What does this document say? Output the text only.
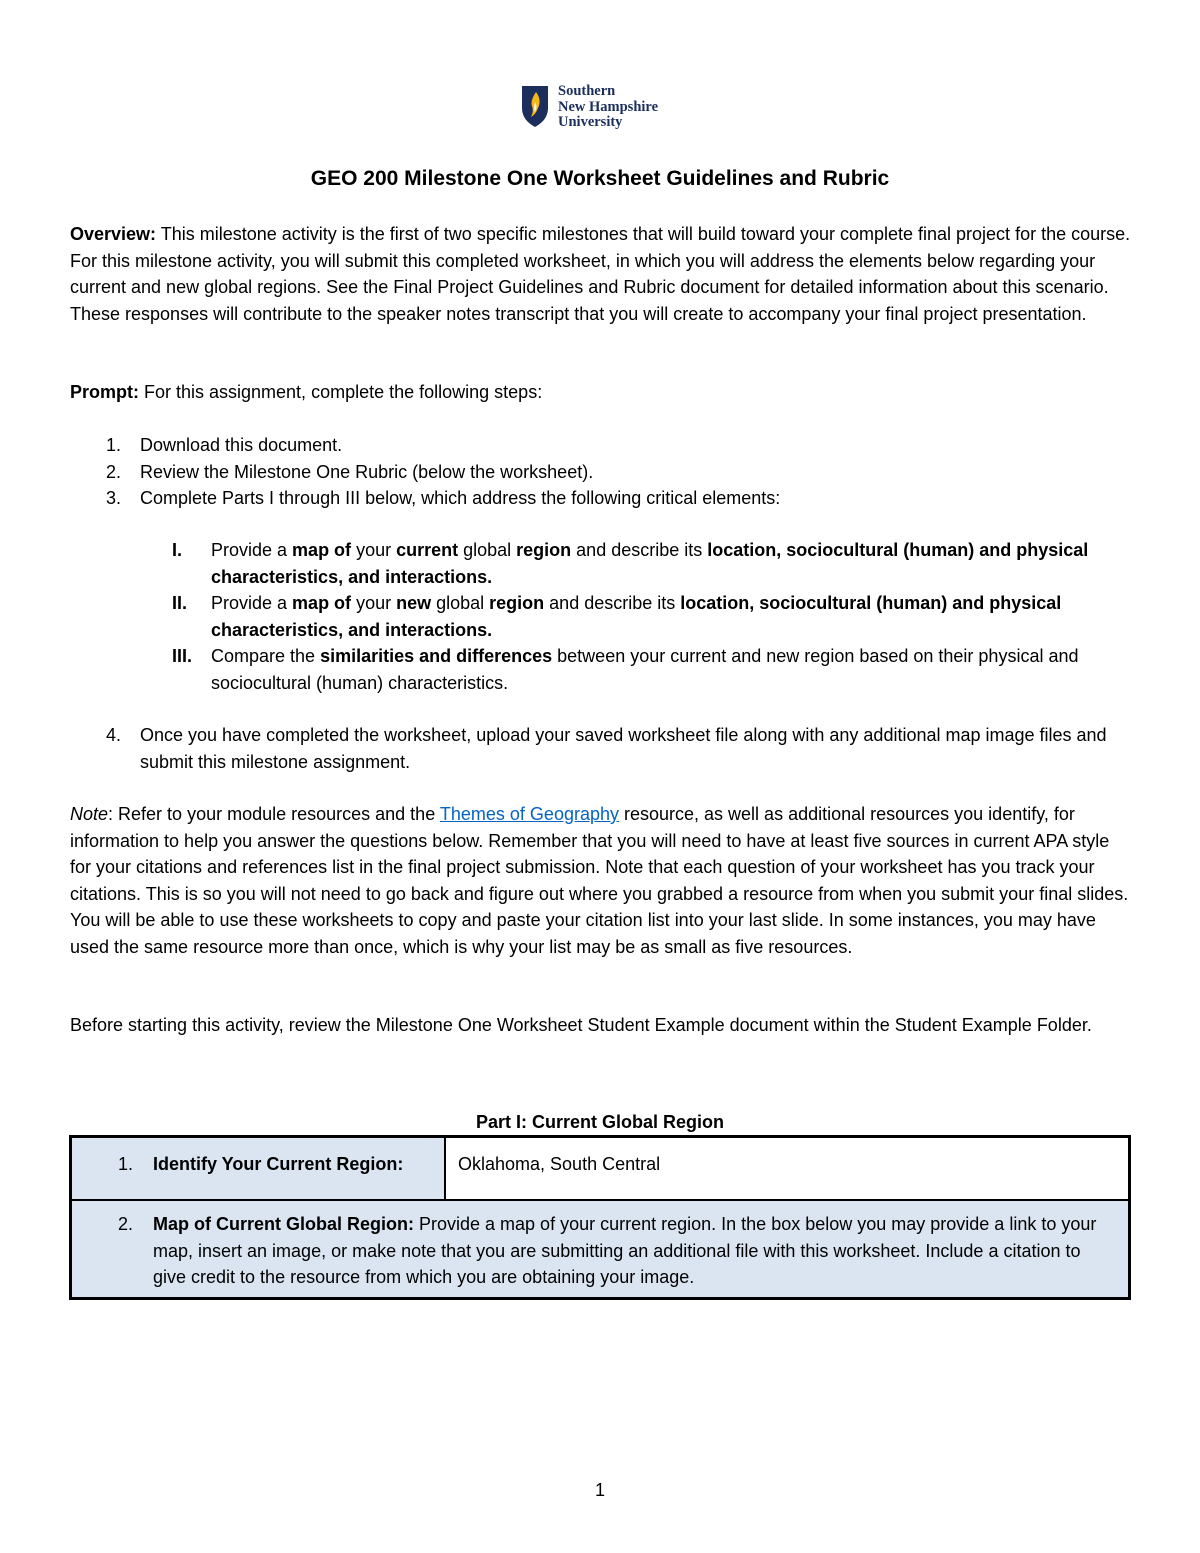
Southern
New Hampshire
University
GEO 200 Milestone One Worksheet Guidelines and Rubric

Overview: This milestone activity is the first of two specific milestones that will build toward your complete final project for the course. For this milestone activity, you will submit this completed worksheet, in which you will address the elements below regarding your current and new global regions. See the Final Project Guidelines and Rubric document for detailed information about this scenario. These responses will contribute to the speaker notes transcript that you will create to accompany your final project presentation.

Prompt: For this assignment, complete the following steps:

1. Download this document.
2. Review the Milestone One Rubric (below the worksheet).
3. Complete Parts I through III below, which address the following critical elements:
I. Provide a map of your current global region and describe its location, sociocultural (human) and physical characteristics, and interactions.
II. Provide a map of your new global region and describe its location, sociocultural (human) and physical characteristics, and interactions.
III. Compare the similarities and differences between your current and new region based on their physical and sociocultural (human) characteristics.
4. Once you have completed the worksheet, upload your saved worksheet file along with any additional map image files and submit this milestone assignment.

Note: Refer to your module resources and the Themes of Geography resource, as well as additional resources you identify, for information to help you answer the questions below. Remember that you will need to have at least five sources in current APA style for your citations and references list in the final project submission. Note that each question of your worksheet has you track your citations. This is so you will not need to go back and figure out where you grabbed a resource from when you submit your final slides. You will be able to use these worksheets to copy and paste your citation list into your last slide. In some instances, you may have used the same resource more than once, which is why your list may be as small as five resources.

Before starting this activity, review the Milestone One Worksheet Student Example document within the Student Example Folder.

Part I: Current Global Region
1. Identify Your Current Region:	Oklahoma, South Central

2. Map of Current Global Region: Provide a map of your current region. In the box below you may provide a link to your map, insert an image, or make note that you are submitting an additional file with this worksheet. Include a citation to give credit to the resource from which you are obtaining your image.
1
